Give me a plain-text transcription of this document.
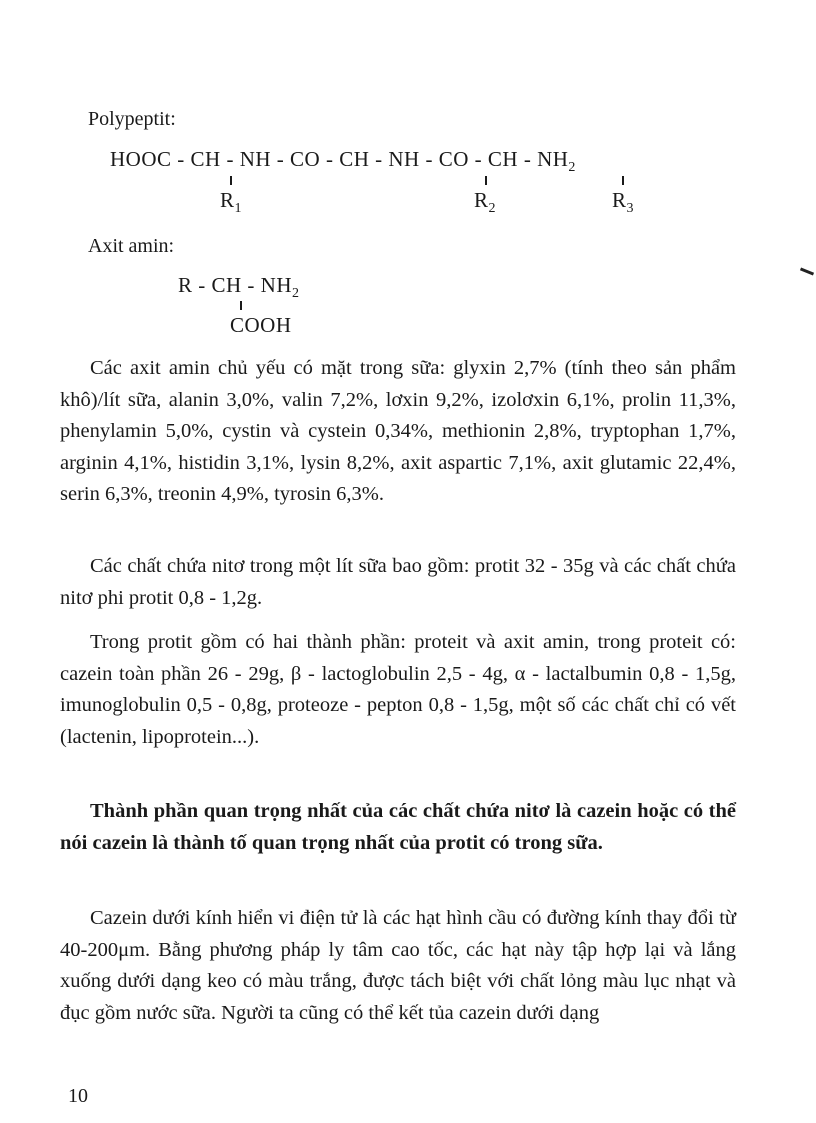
Polypeptit:
HOOC - CH - NH - CO - CH - NH - CO - CH - $NH_2$
$R_1$	$R_2$	$R_3$
Axit amin:
R - CH - $NH_2$
COOH
Các axit amin chủ yếu có mặt trong sữa: glyxin 2,7% (tính theo sản phẩm khô)/lít sữa, alanin 3,0%, valin 7,2%, lơxin 9,2%, izolơxin 6,1%, prolin 11,3%, phenylamin 5,0%, cystin và cystein 0,34%, methionin 2,8%, tryptophan 1,7%, arginin 4,1%, histidin 3,1%, lysin 8,2%, axit aspartic 7,1%, axit glutamic 22,4%, serin 6,3%, treonin 4,9%, tyrosin 6,3%.
Các chất chứa nitơ trong một lít sữa bao gồm: protit 32 - 35g và các chất chứa nitơ phi protit 0,8 - 1,2g.
Trong protit gồm có hai thành phần: proteit và axit amin, trong proteit có: cazein toàn phần 26 - 29g, β - lactoglobulin 2,5 - 4g, α - lactalbumin 0,8 - 1,5g, imunoglobulin 0,5 - 0,8g, proteoze - pepton 0,8 - 1,5g, một số các chất chỉ có vết (lactenin, lipoprotein...).
Thành phần quan trọng nhất của các chất chứa nitơ là cazein hoặc có thể nói cazein là thành tố quan trọng nhất của protit có trong sữa.
Cazein dưới kính hiển vi điện tử là các hạt hình cầu có đường kính thay đổi từ 40-200μm. Bằng phương pháp ly tâm cao tốc, các hạt này tập hợp lại và lắng xuống dưới dạng keo có màu trắng, được tách biệt với chất lỏng màu lục nhạt và đục gồm nước sữa. Người ta cũng có thể kết tủa cazein dưới dạng
10
